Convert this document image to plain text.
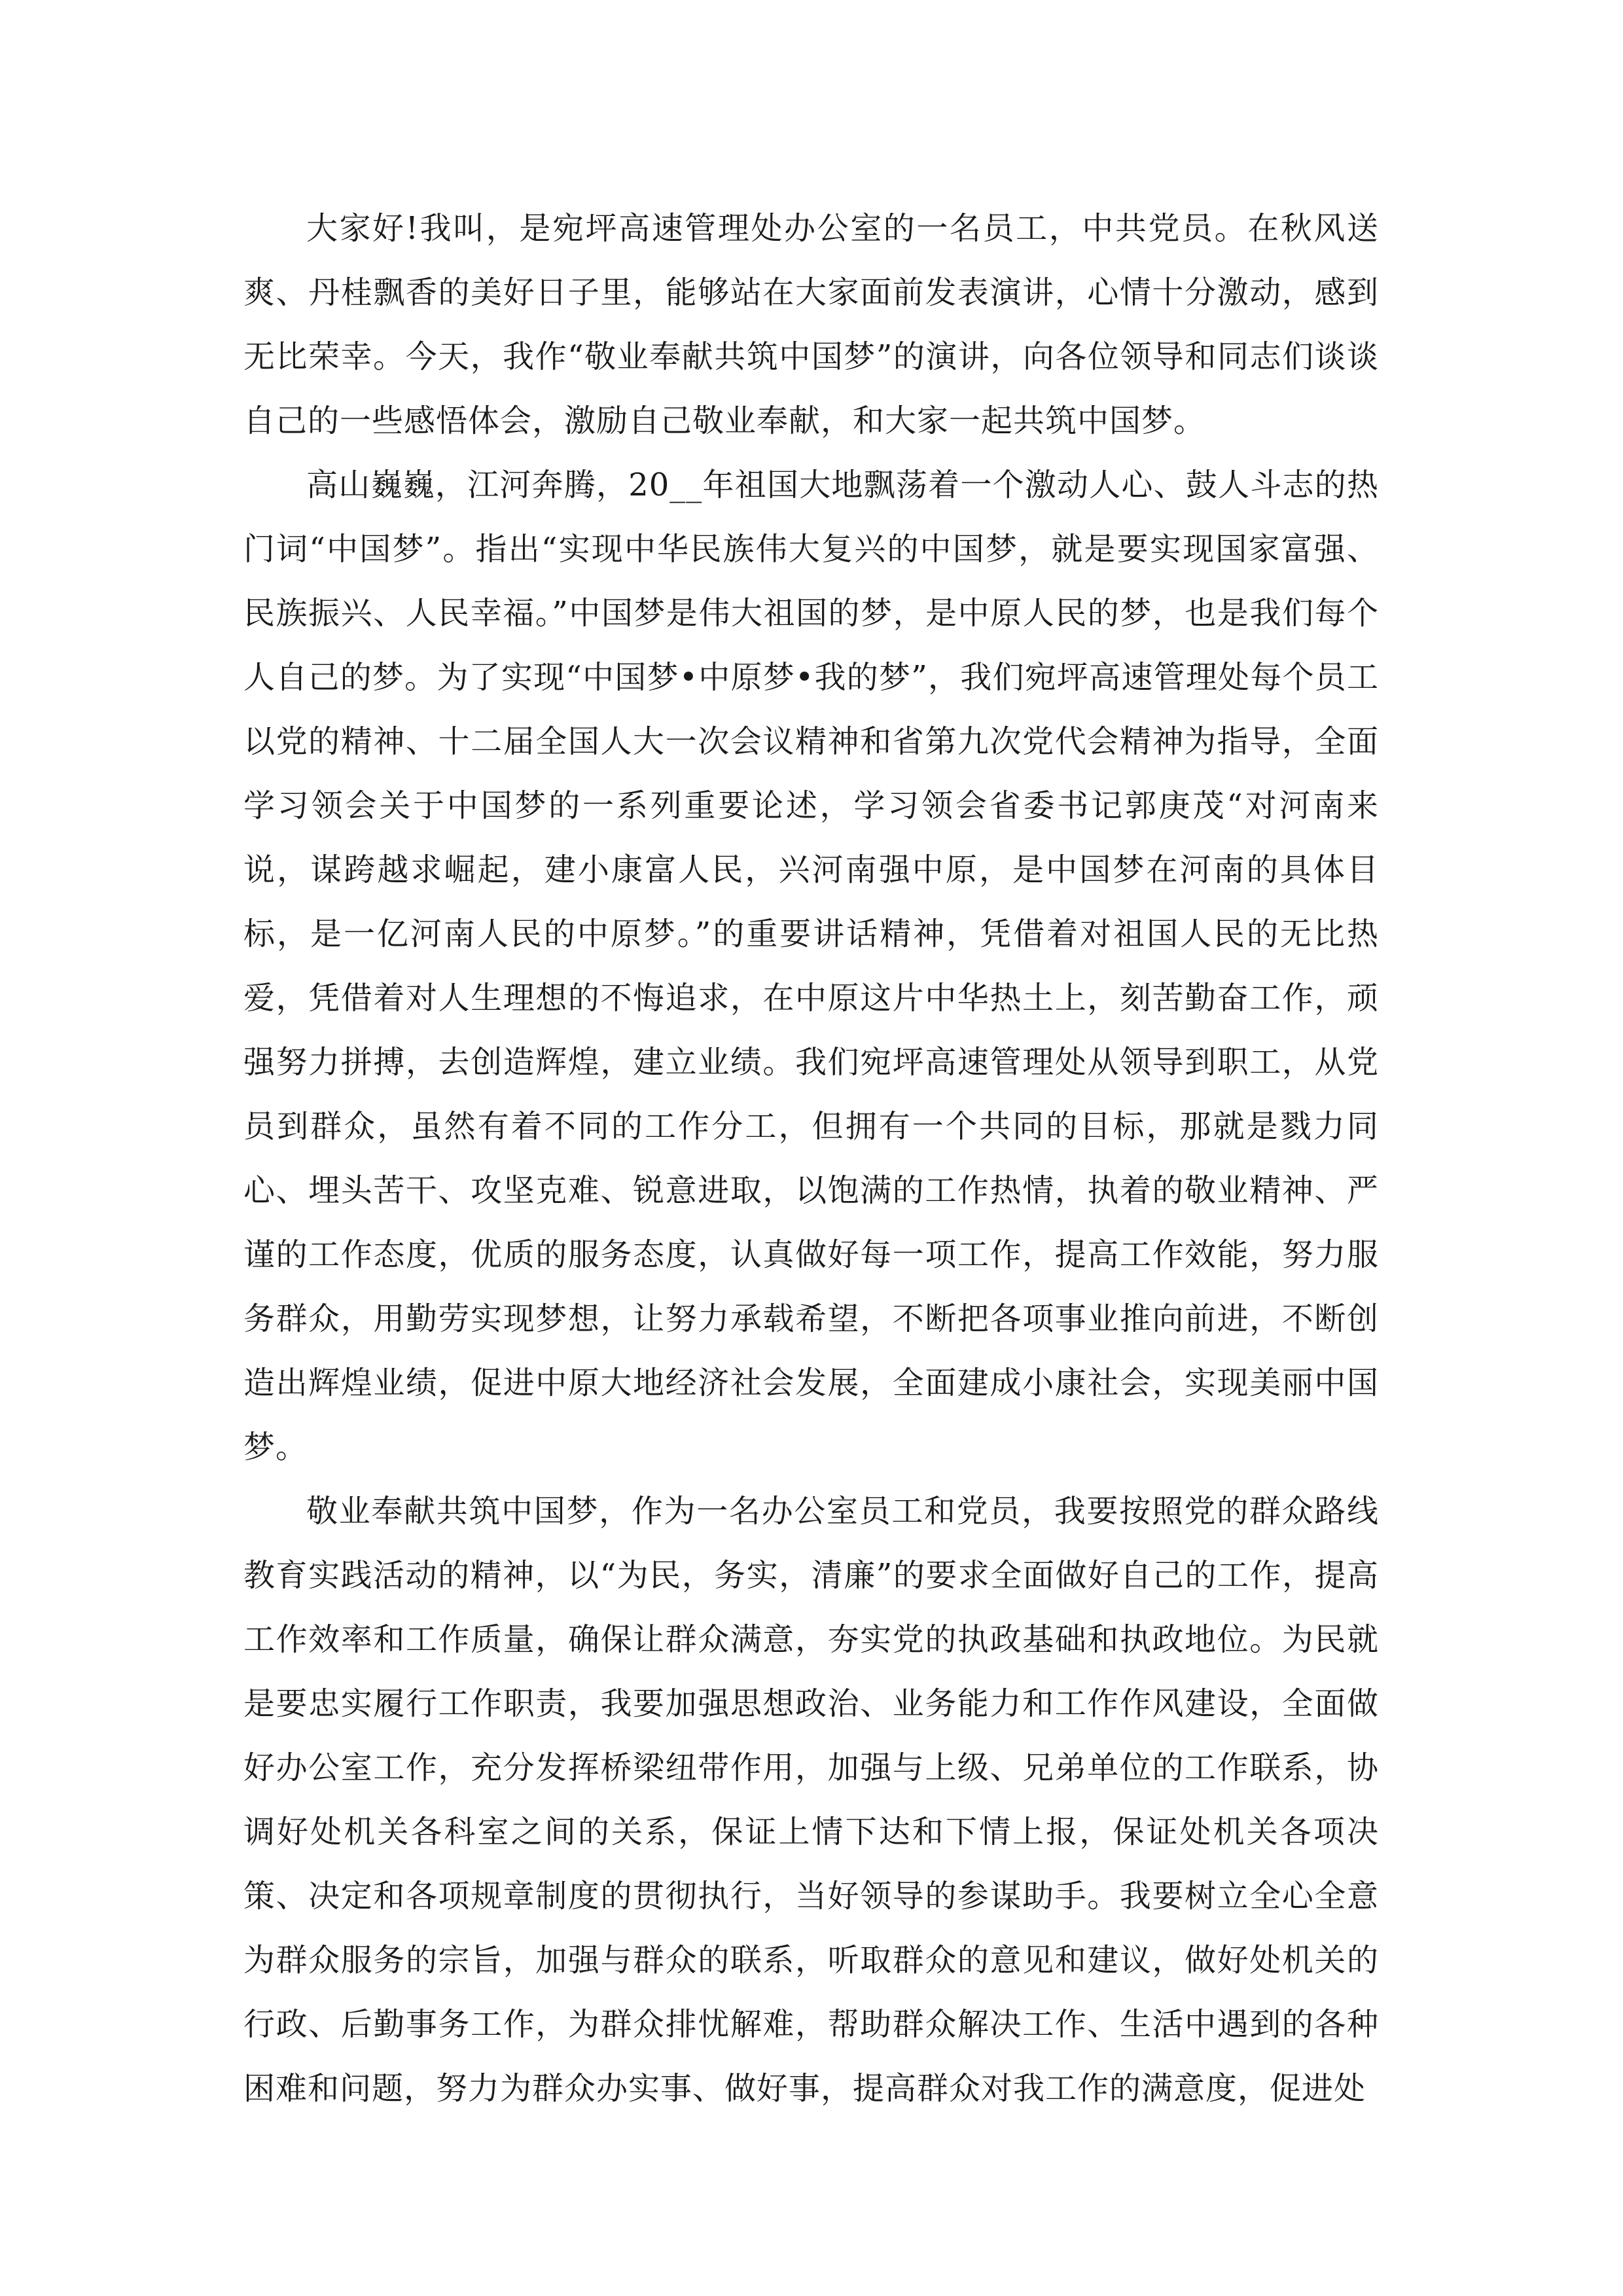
大家好!我叫，是宛坪高速管理处办公室的一名员工，中共党员。在秋风送爽、丹桂飘香的美好日子里，能够站在大家面前发表演讲，心情十分激动，感到无比荣幸。今天，我作“敬业奉献共筑中国梦”的演讲，向各位领导和同志们谈谈自己的一些感悟体会，激励自己敬业奉献，和大家一起共筑中国梦。

高山巍巍，江河奔腾，20__年祖国大地飘荡着一个激动人心、鼓人斗志的热门词“中国梦”。指出“实现中华民族伟大复兴的中国梦，就是要实现国家富强、民族振兴、人民幸福。”中国梦是伟大祖国的梦，是中原人民的梦，也是我们每个人自己的梦。为了实现“中国梦•中原梦•我的梦”，我们宛坪高速管理处每个员工以党的精神、十二届全国人大一次会议精神和省第九次党代会精神为指导，全面学习领会关于中国梦的一系列重要论述，学习领会省委书记郭庚茂“对河南来说，谋跨越求崛起，建小康富人民，兴河南强中原，是中国梦在河南的具体目标，是一亿河南人民的中原梦。”的重要讲话精神，凭借着对祖国人民的无比热爱，凭借着对人生理想的不悔追求，在中原这片中华热土上，刻苦勤奋工作，顽强努力拼搏，去创造辉煌，建立业绩。我们宛坪高速管理处从领导到职工，从党员到群众，虽然有着不同的工作分工，但拥有一个共同的目标，那就是戮力同心、埋头苦干、攻坚克难、锐意进取，以饱满的工作热情，执着的敬业精神、严谨的工作态度，优质的服务态度，认真做好每一项工作，提高工作效能，努力服务群众，用勤劳实现梦想，让努力承载希望，不断把各项事业推向前进，不断创造出辉煌业绩，促进中原大地经济社会发展，全面建成小康社会，实现美丽中国梦。

敬业奉献共筑中国梦，作为一名办公室员工和党员，我要按照党的群众路线教育实践活动的精神，以“为民，务实，清廉”的要求全面做好自己的工作，提高工作效率和工作质量，确保让群众满意，夯实党的执政基础和执政地位。为民就是要忠实履行工作职责，我要加强思想政治、业务能力和工作作风建设，全面做好办公室工作，充分发挥桥梁纽带作用，加强与上级、兄弟单位的工作联系，协调好处机关各科室之间的关系，保证上情下达和下情上报，保证处机关各项决策、决定和各项规章制度的贯彻执行，当好领导的参谋助手。我要树立全心全意为群众服务的宗旨，加强与群众的联系，听取群众的意见和建议，做好处机关的行政、后勤事务工作，为群众排忧解难，帮助群众解决工作、生活中遇到的各种困难和问题，努力为群众办实事、做好事，提高群众对我工作的满意度，促进处
